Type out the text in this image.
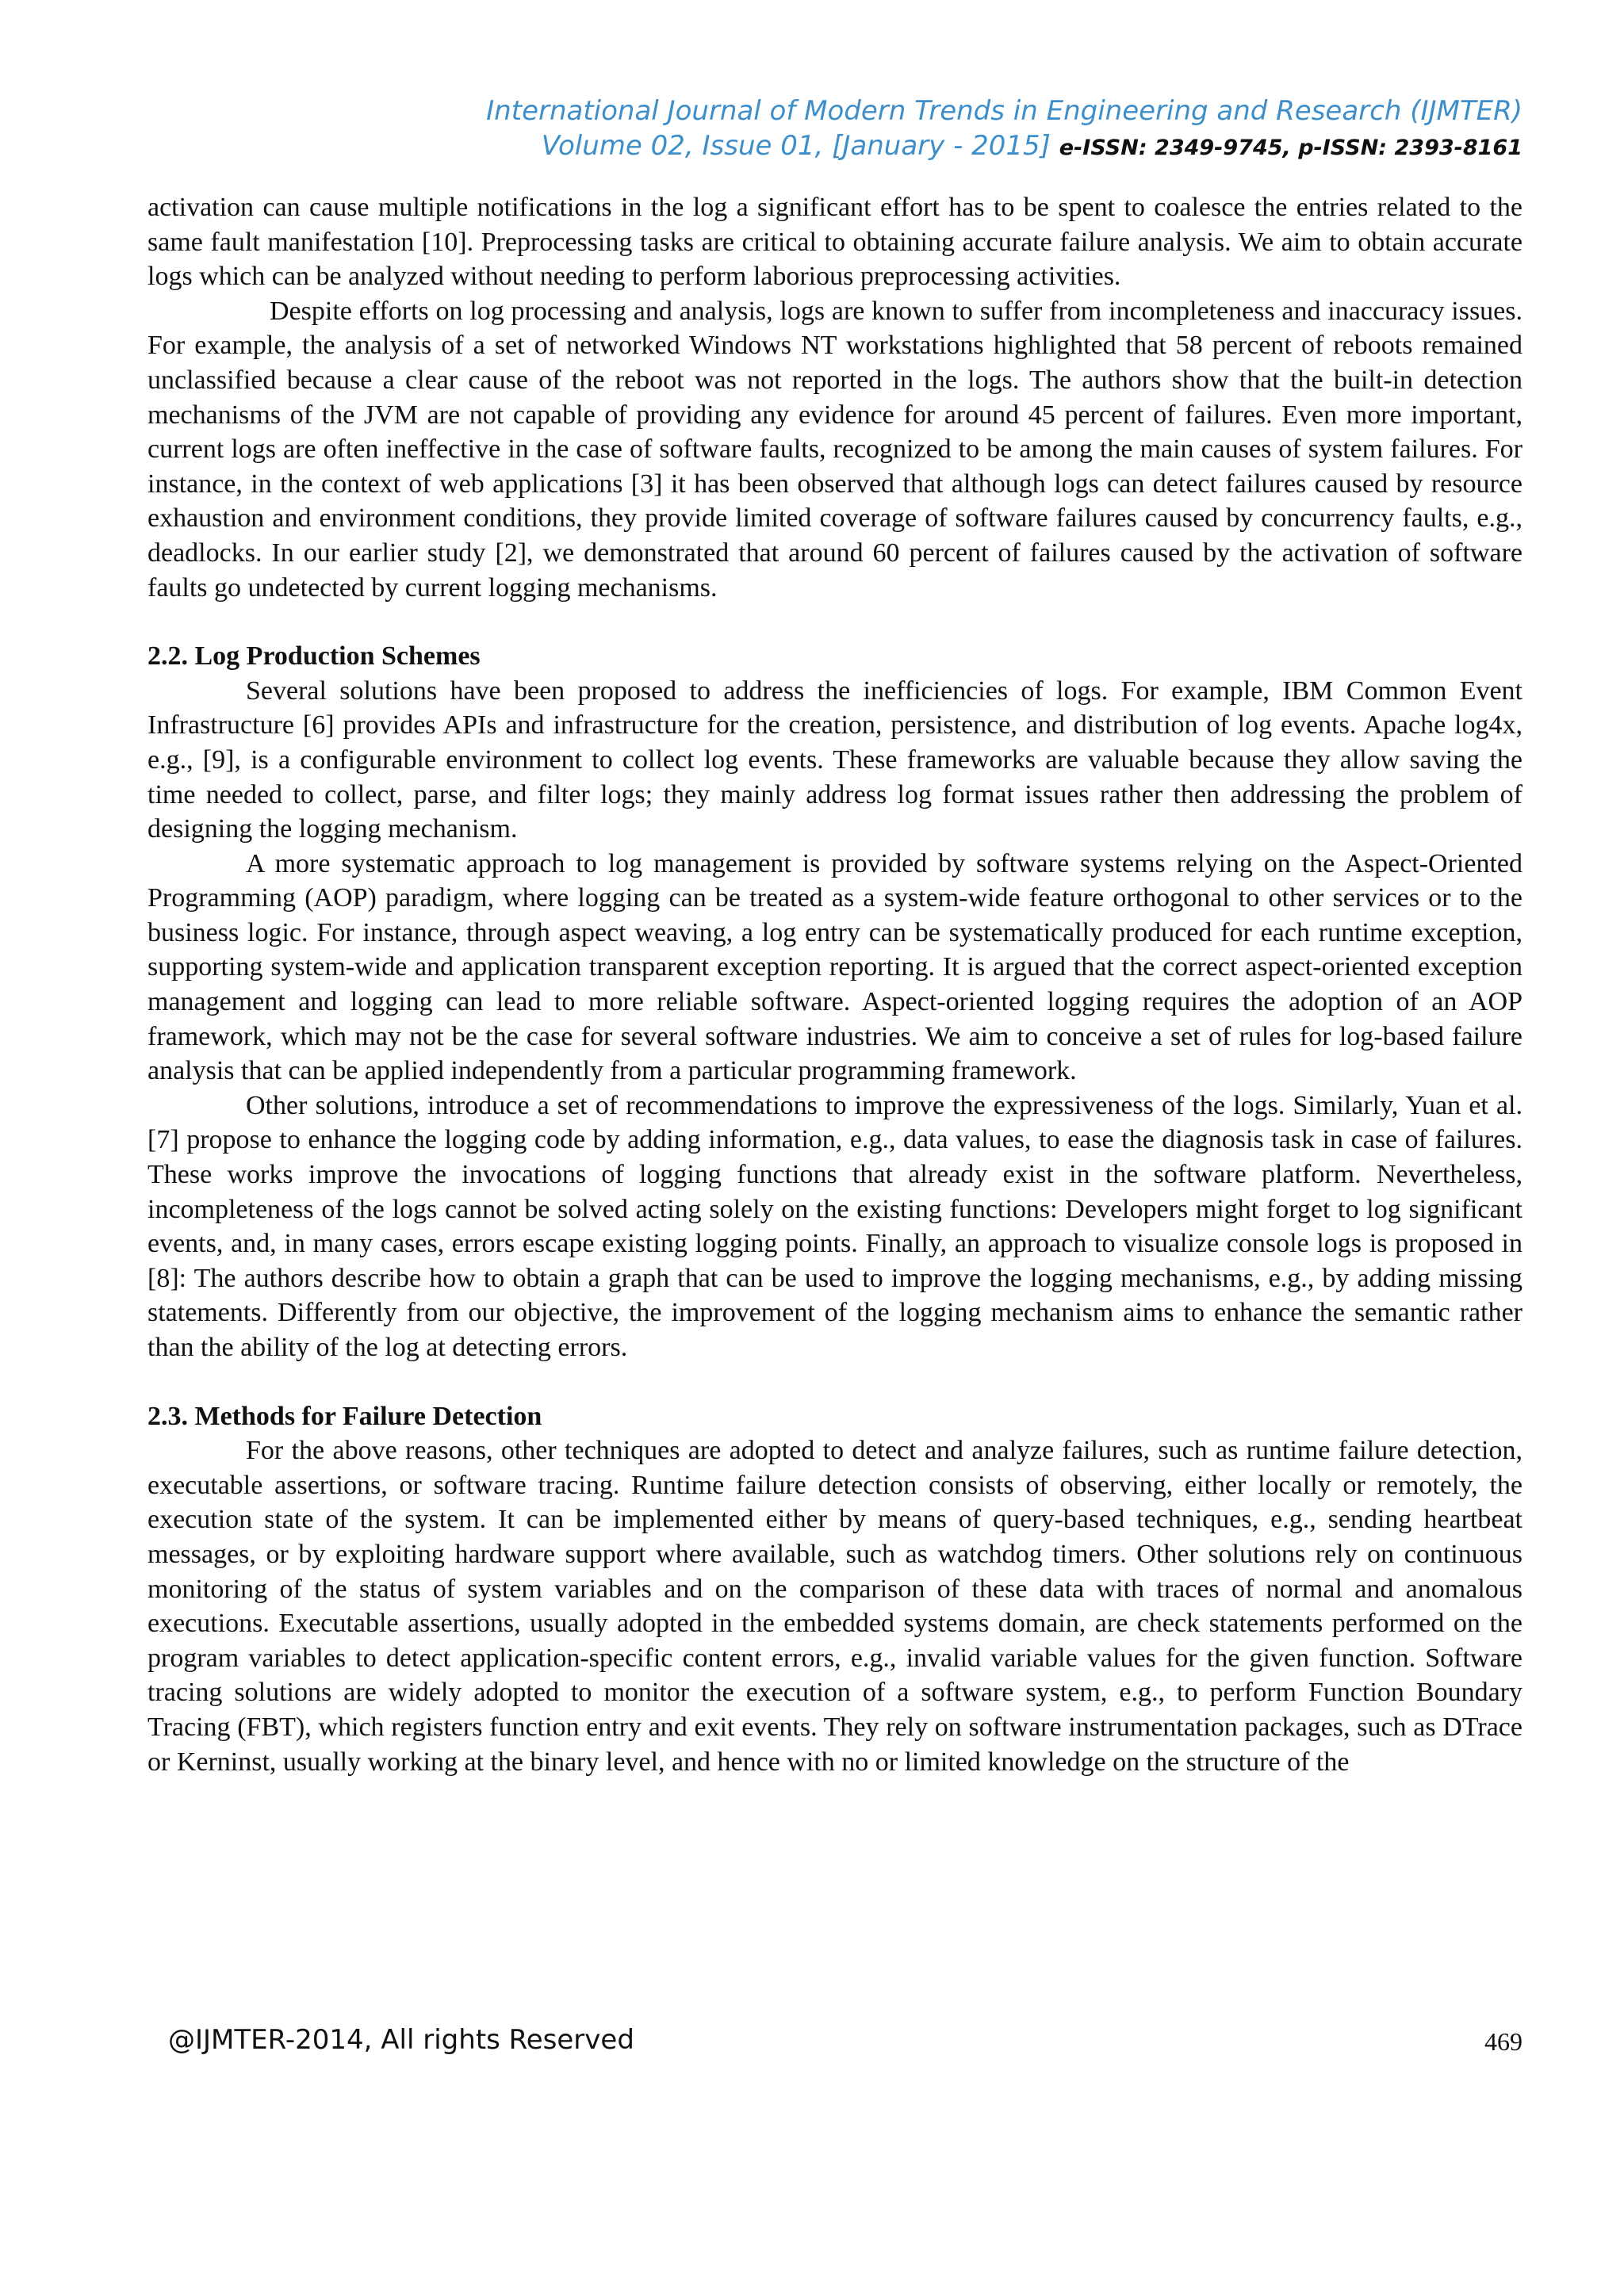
International Journal of Modern Trends in Engineering and Research (IJMTER)
Volume 02, Issue 01, [January - 2015] e-ISSN: 2349-9745, p-ISSN: 2393-8161

activation can cause multiple notifications in the log a significant effort has to be spent to coalesce the entries related to the same fault manifestation [10]. Preprocessing tasks are critical to obtaining accurate failure analysis. We aim to obtain accurate logs which can be analyzed without needing to perform laborious preprocessing activities.

Despite efforts on log processing and analysis, logs are known to suffer from incompleteness and inaccuracy issues. For example, the analysis of a set of networked Windows NT workstations highlighted that 58 percent of reboots remained unclassified because a clear cause of the reboot was not reported in the logs. The authors show that the built-in detection mechanisms of the JVM are not capable of providing any evidence for around 45 percent of failures. Even more important, current logs are often ineffective in the case of software faults, recognized to be among the main causes of system failures. For instance, in the context of web applications [3] it has been observed that although logs can detect failures caused by resource exhaustion and environment conditions, they provide limited coverage of software failures caused by concurrency faults, e.g., deadlocks. In our earlier study [2], we demonstrated that around 60 percent of failures caused by the activation of software faults go undetected by current logging mechanisms.

2.2. Log Production Schemes

Several solutions have been proposed to address the inefficiencies of logs. For example, IBM Common Event Infrastructure [6] provides APIs and infrastructure for the creation, persistence, and distribution of log events. Apache log4x, e.g., [9], is a configurable environment to collect log events. These frameworks are valuable because they allow saving the time needed to collect, parse, and filter logs; they mainly address log format issues rather then addressing the problem of designing the logging mechanism.

A more systematic approach to log management is provided by software systems relying on the Aspect-Oriented Programming (AOP) paradigm, where logging can be treated as a system-wide feature orthogonal to other services or to the business logic. For instance, through aspect weaving, a log entry can be systematically produced for each runtime exception, supporting system-wide and application transparent exception reporting. It is argued that the correct aspect-oriented exception management and logging can lead to more reliable software. Aspect-oriented logging requires the adoption of an AOP framework, which may not be the case for several software industries. We aim to conceive a set of rules for log-based failure analysis that can be applied independently from a particular programming framework.

Other solutions, introduce a set of recommendations to improve the expressiveness of the logs. Similarly, Yuan et al. [7] propose to enhance the logging code by adding information, e.g., data values, to ease the diagnosis task in case of failures. These works improve the invocations of logging functions that already exist in the software platform. Nevertheless, incompleteness of the logs cannot be solved acting solely on the existing functions: Developers might forget to log significant events, and, in many cases, errors escape existing logging points. Finally, an approach to visualize console logs is proposed in [8]: The authors describe how to obtain a graph that can be used to improve the logging mechanisms, e.g., by adding missing statements. Differently from our objective, the improvement of the logging mechanism aims to enhance the semantic rather than the ability of the log at detecting errors.

2.3. Methods for Failure Detection

For the above reasons, other techniques are adopted to detect and analyze failures, such as runtime failure detection, executable assertions, or software tracing. Runtime failure detection consists of observing, either locally or remotely, the execution state of the system. It can be implemented either by means of query-based techniques, e.g., sending heartbeat messages, or by exploiting hardware support where available, such as watchdog timers. Other solutions rely on continuous monitoring of the status of system variables and on the comparison of these data with traces of normal and anomalous executions. Executable assertions, usually adopted in the embedded systems domain, are check statements performed on the program variables to detect application-specific content errors, e.g., invalid variable values for the given function. Software tracing solutions are widely adopted to monitor the execution of a software system, e.g., to perform Function Boundary Tracing (FBT), which registers function entry and exit events. They rely on software instrumentation packages, such as DTrace or Kerninst, usually working at the binary level, and hence with no or limited knowledge on the structure of the

@IJMTER-2014, All rights Reserved	469
